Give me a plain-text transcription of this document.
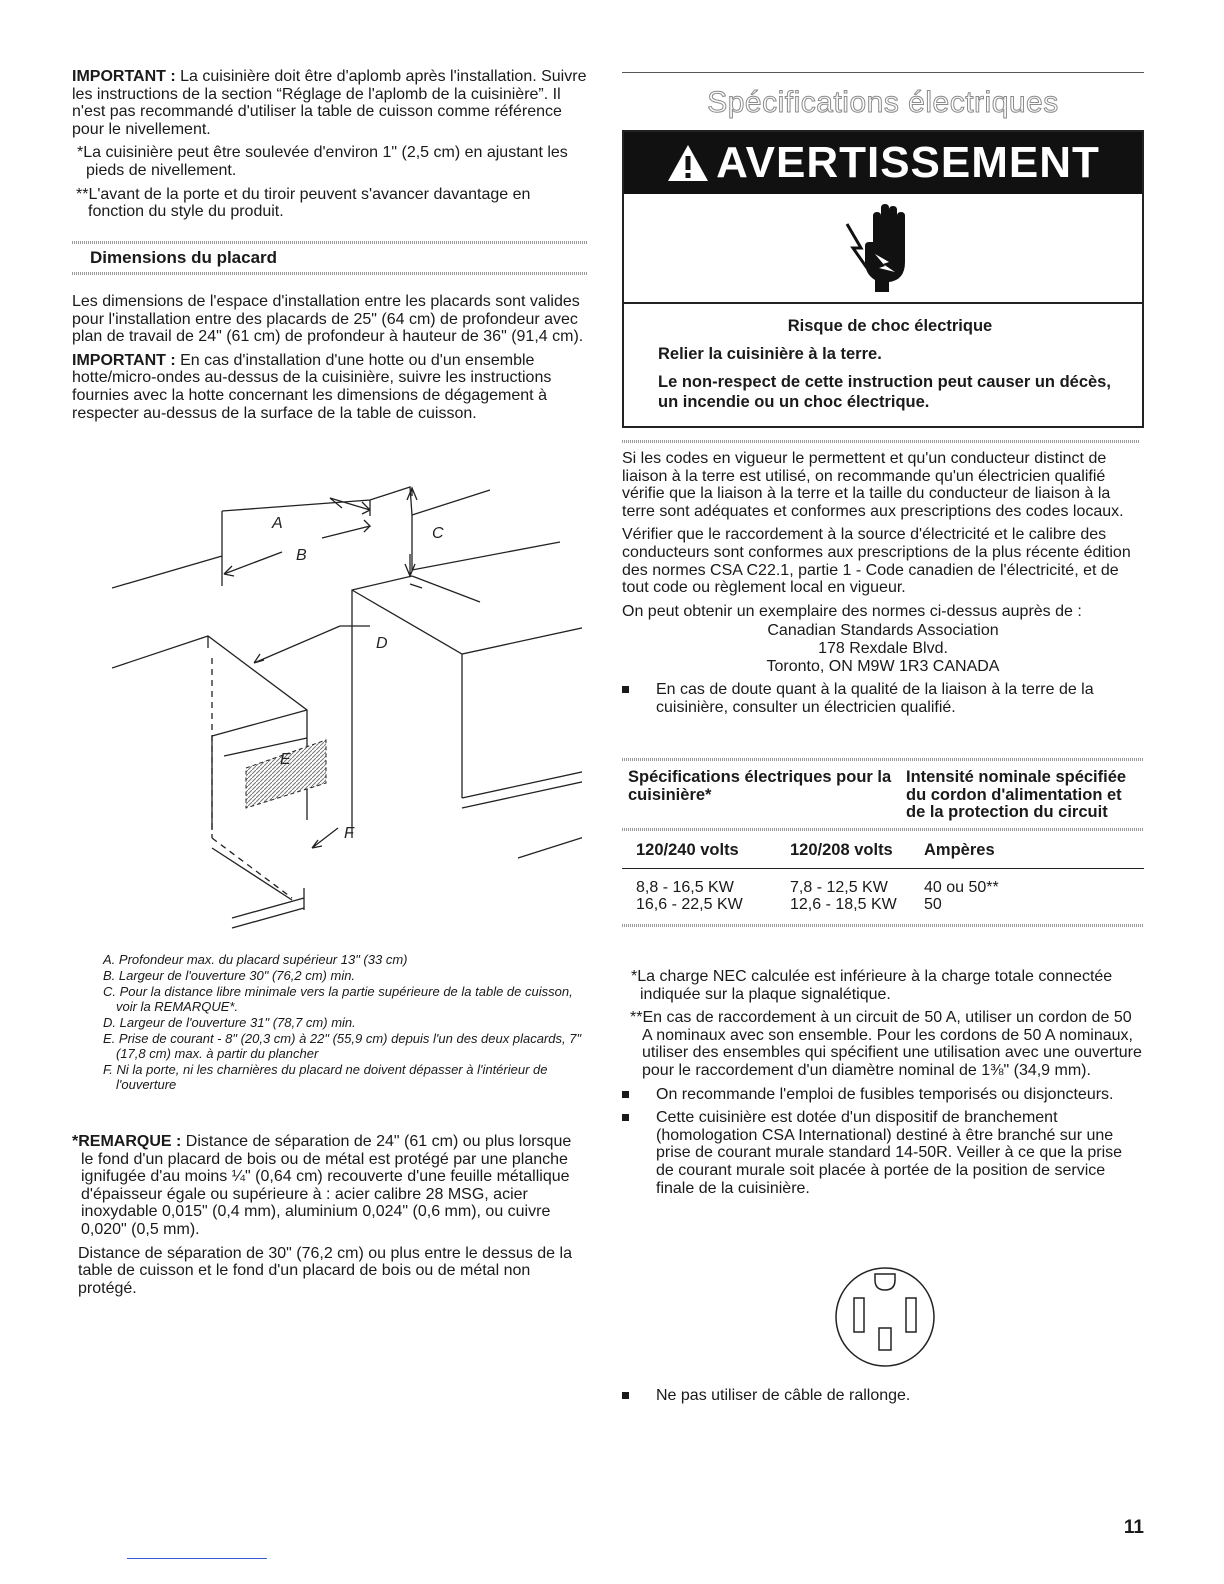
IMPORTANT : La cuisinière doit être d'aplomb après l'installation. Suivre les instructions de la section “Réglage de l'aplomb de la cuisinière”. Il n'est pas recommandé d'utiliser la table de cuisson comme référence pour le nivellement.

*La cuisinière peut être soulevée d'environ 1" (2,5 cm) en ajustant les pieds de nivellement.

**L'avant de la porte et du tiroir peuvent s'avancer davantage en fonction du style du produit.

Dimensions du placard

Les dimensions de l'espace d'installation entre les placards sont valides pour l'installation entre des placards de 25" (64 cm) de profondeur avec plan de travail de 24" (61 cm) de profondeur à hauteur de 36" (91,4 cm).

IMPORTANT : En cas d'installation d'une hotte ou d'un ensemble hotte/micro-ondes au-dessus de la cuisinière, suivre les instructions fournies avec la hotte concernant les dimensions de dégagement à respecter au-dessus de la surface de la table de cuisson.

A
B
C
D
E
F

A. Profondeur max. du placard supérieur 13" (33 cm)

B. Largeur de l'ouverture 30" (76,2 cm) min.

C. Pour la distance libre minimale vers la partie supérieure de la table de cuisson, voir la REMARQUE*.

D. Largeur de l'ouverture 31" (78,7 cm) min.

E. Prise de courant - 8" (20,3 cm) à 22" (55,9 cm) depuis l'un des deux placards, 7" (17,8 cm) max. à partir du plancher

F. Ni la porte, ni les charnières du placard ne doivent dépasser à l'intérieur de l'ouverture

*REMARQUE : Distance de séparation de 24" (61 cm) ou plus lorsque le fond d'un placard de bois ou de métal est protégé par une planche ignifugée d'au moins ¼" (0,64 cm) recouverte d'une feuille métallique d'épaisseur égale ou supérieure à : acier calibre 28 MSG, acier inoxydable 0,015" (0,4 mm), aluminium 0,024" (0,6 mm), ou cuivre 0,020" (0,5 mm).

Distance de séparation de 30" (76,2 cm) ou plus entre le dessus de la table de cuisson et le fond d'un placard de bois ou de métal non protégé.

Spécifications électriques
AVERTISSEMENT

Risque de choc électrique

Relier la cuisinière à la terre.

Le non-respect de cette instruction peut causer un décès, un incendie ou un choc électrique.

Si les codes en vigueur le permettent et qu'un conducteur distinct de liaison à la terre est utilisé, on recommande qu'un électricien qualifié vérifie que la liaison à la terre et la taille du conducteur de liaison à la terre sont adéquates et conformes aux prescriptions des codes locaux.

Vérifier que le raccordement à la source d'électricité et le calibre des conducteurs sont conformes aux prescriptions de la plus récente édition des normes CSA C22.1, partie 1 - Code canadien de l'électricité, et de tout code ou règlement local en vigueur.

On peut obtenir un exemplaire des normes ci-dessus auprès de :

Canadian Standards Association

178 Rexdale Blvd.

Toronto, ON M9W 1R3 CANADA

En cas de doute quant à la qualité de la liaison à la terre de la cuisinière, consulter un électricien qualifié.

Spécifications électriques pour la cuisinière*
Intensité nominale spécifiée du cordon d'alimentation et de la protection du circuit
120/240 volts	120/208 volts	Ampères
8,8 - 16,5 KW	7,8 - 12,5 KW	40 ou 50**
16,6 - 22,5 KW	12,6 - 18,5 KW	50

*La charge NEC calculée est inférieure à la charge totale connectée indiquée sur la plaque signalétique.

**En cas de raccordement à un circuit de 50 A, utiliser un cordon de 50 A nominaux avec son ensemble. Pour les cordons de 50 A nominaux, utiliser des ensembles qui spécifient une utilisation avec une ouverture pour le raccordement d'un diamètre nominal de 1⅜" (34,9 mm).

On recommande l'emploi de fusibles temporisés ou disjoncteurs.

Cette cuisinière est dotée d'un dispositif de branchement (homologation CSA International) destiné à être branché sur une prise de courant murale standard 14-50R. Veiller à ce que la prise de courant murale soit placée à portée de la position de service finale de la cuisinière.

Ne pas utiliser de câble de rallonge.

11
